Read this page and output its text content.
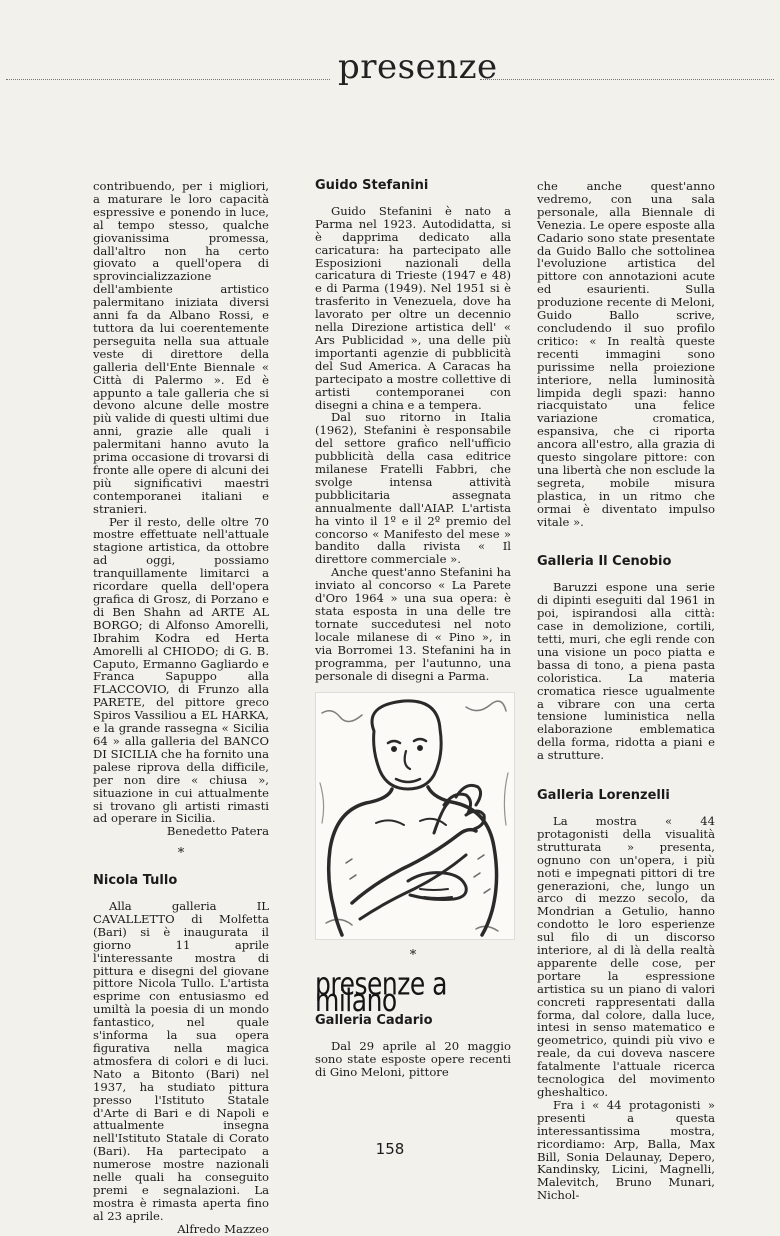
presenze

contribuendo, per i migliori, a maturare le loro capacità espressive e ponendo in luce, al tempo stesso, qualche giovanissima promessa, dall'altro non ha certo giovato a quell'opera di sprovincializzazione dell'ambiente artistico palermitano iniziata diversi anni fa da Albano Rossi, e tuttora da lui coerentemente perseguita nella sua attuale veste di direttore della galleria dell'Ente Biennale « Città di Palermo ». Ed è appunto a tale galleria che si devono alcune delle mostre più valide di questi ultimi due anni, grazie alle quali i palermitani hanno avuto la prima occasione di trovarsi di fronte alle opere di alcuni dei più significativi maestri contemporanei italiani e stranieri.

Per il resto, delle oltre 70 mostre effettuate nell'attuale stagione artistica, da ottobre ad oggi, possiamo tranquillamente limitarci a ricordare quella dell'opera grafica di Grosz, di Porzano e di Ben Shahn ad ARTE AL BORGO; di Alfonso Amorelli, Ibrahim Kodra ed Herta Amorelli al CHIODO; di G. B. Caputo, Ermanno Gagliardo e Franca Sapuppo alla FLACCOVIO, di Frunzo alla PARETE, del pittore greco Spiros Vassiliou a EL HARKA, e la grande rassegna « Sicilia 64 » alla galleria del BANCO DI SICILIA che ha fornito una palese riprova della difficile, per non dire « chiusa », situazione in cui attualmente si trovano gli artisti rimasti ad operare in Sicilia.

Benedetto Patera

*
Nicola Tullo

Alla galleria IL CAVALLETTO di Molfetta (Bari) si è inaugurata il giorno 11 aprile l'interessante mostra di pittura e disegni del giovane pittore Nicola Tullo. L'artista esprime con entusiasmo ed umiltà la poesia di un mondo fantastico, nel quale s'informa la sua opera figurativa nella magica atmosfera di colori e di luci. Nato a Bitonto (Bari) nel 1937, ha studiato pittura presso l'Istituto Statale d'Arte di Bari e di Napoli e attualmente insegna nell'Istituto Statale di Corato (Bari). Ha partecipato a numerose mostre nazionali nelle quali ha conseguito premi e segnalazioni. La mostra è rimasta aperta fino al 23 aprile.

Alfredo Mazzeo

Guido Stefanini

Guido Stefanini è nato a Parma nel 1923. Autodidatta, si è dapprima dedicato alla caricatura: ha partecipato alle Esposizioni nazionali della caricatura di Trieste (1947 e 48) e di Parma (1949). Nel 1951 si è trasferito in Venezuela, dove ha lavorato per oltre un decennio nella Direzione artistica dell' « Ars Publicidad », una delle più importanti agenzie di pubblicità del Sud America. A Caracas ha partecipato a mostre collettive di artisti contemporanei con disegni a china e a tempera.

Dal suo ritorno in Italia (1962), Stefanini è responsabile del settore grafico nell'ufficio pubblicità della casa editrice milanese Fratelli Fabbri, che svolge intensa attività pubblicitaria assegnata annualmente dall'AIAP. L'artista ha vinto il 1º e il 2º premio del concorso « Manifesto del mese » bandito dalla rivista « Il direttore commerciale ».

Anche quest'anno Stefanini ha inviato al concorso « La Parete d'Oro 1964 » una sua opera: è stata esposta in una delle tre tornate succedutesi nel noto locale milanese di « Pino », in via Borromei 13. Stefanini ha in programma, per l'autunno, una personale di disegni a Parma.

*
presenze a milano
Galleria Cadario

Dal 29 aprile al 20 maggio sono state esposte opere recenti di Gino Meloni, pittore

che anche quest'anno vedremo, con una sala personale, alla Biennale di Venezia. Le opere esposte alla Cadario sono state presentate da Guido Ballo che sottolinea l'evoluzione artistica del pittore con annotazioni acute ed esaurienti. Sulla produzione recente di Meloni, Guido Ballo scrive, concludendo il suo profilo critico: « In realtà queste recenti immagini sono purissime nella proiezione interiore, nella luminosità limpida degli spazi: hanno riacquistato una felice variazione cromatica, espansiva, che ci riporta ancora all'estro, alla grazia di questo singolare pittore: con una libertà che non esclude la segreta, mobile misura plastica, in un ritmo che ormai è diventato impulso vitale ».

Galleria Il Cenobio

Baruzzi espone una serie di dipinti eseguiti dal 1961 in poi, ispirandosi alla città: case in demolizione, cortili, tetti, muri, che egli rende con una visione un poco piatta e bassa di tono, a piena pasta coloristica. La materia cromatica riesce ugualmente a vibrare con una certa tensione luministica nella elaborazione emblematica della forma, ridotta a piani e a strutture.

Galleria Lorenzelli

La mostra « 44 protagonisti della visualità strutturata » presenta, ognuno con un'opera, i più noti e impegnati pittori di tre generazioni, che, lungo un arco di mezzo secolo, da Mondrian a Getulio, hanno condotto le loro esperienze sul filo di un discorso interiore, al di là della realtà apparente delle cose, per portare la espressione artistica su un piano di valori concreti rappresentati dalla forma, dal colore, dalla luce, intesi in senso matematico e geometrico, quindi più vivo e reale, da cui doveva nascere fatalmente l'attuale ricerca tecnologica del movimento gheshaltico.

Fra i « 44 protagonisti » presenti a questa interessantissima mostra, ricordiamo: Arp, Balla, Max Bill, Sonia Delaunay, Depero, Kandinsky, Licini, Magnelli, Malevitch, Bruno Munari, Nichol-

158
